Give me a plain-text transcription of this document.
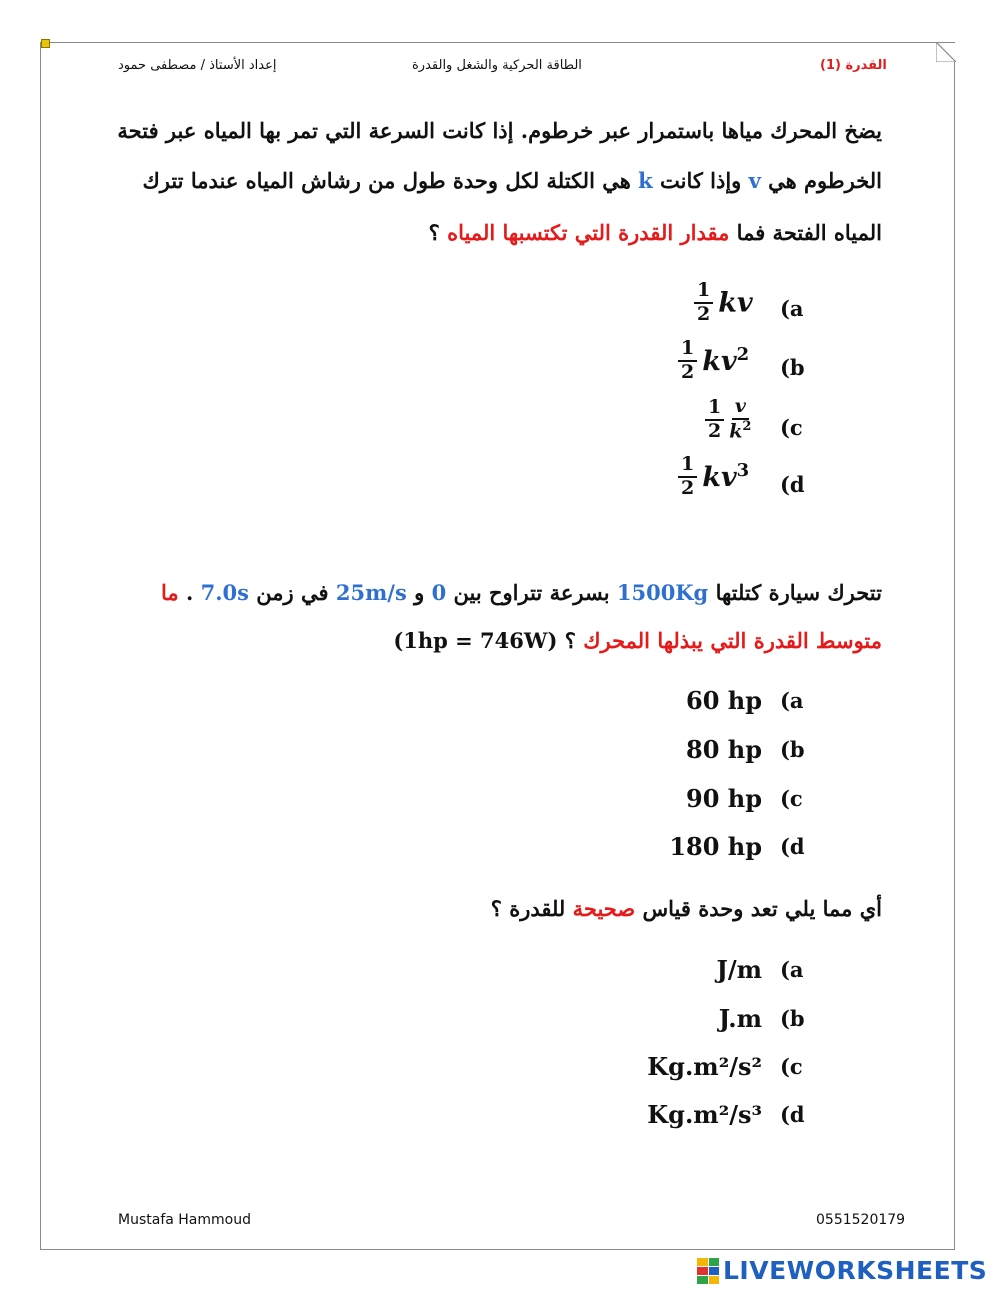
إعداد الأستاذ / مصطفى حمود	الطاقة الحركية والشغل والقدرة	القدرة (1)
يضخ المحرك مياها باستمرار عبر خرطوم. إذا كانت السرعة التي تمر بها المياه عبر فتحة
الخرطوم هي v وإذا كانت k هي الكتلة لكل وحدة طول من رشاش المياه عندما تترك
المياه الفتحة فما مقدار القدرة التي تكتسبها المياه ؟
$\frac{1}{2}$ kv (a
$\frac{1}{2} kv^2$
(b
$\frac{1}{2} \frac{v}{k^2} (c$
$\frac{1}{2} kv^3$
(d
تتحرك سيارة كتلتها 1500Kg بسرعة تتراوح بين 0 و 25m/s في زمن 7.0s . ما
متوسط القدرة التي يبذلها المحرك ؟ (1hp = 746W)
60 hp (a
80 hp (b
90 hp (c
180 hp (d
أي مما يلي تعد وحدة قياس صحيحة للقدرة ؟
J/m (a
J.m (b
Kg.m²/s² (c
Kg.m²/s³ (d
Mustafa Hammoud	0551520179
LIVEWORKSHEETS
